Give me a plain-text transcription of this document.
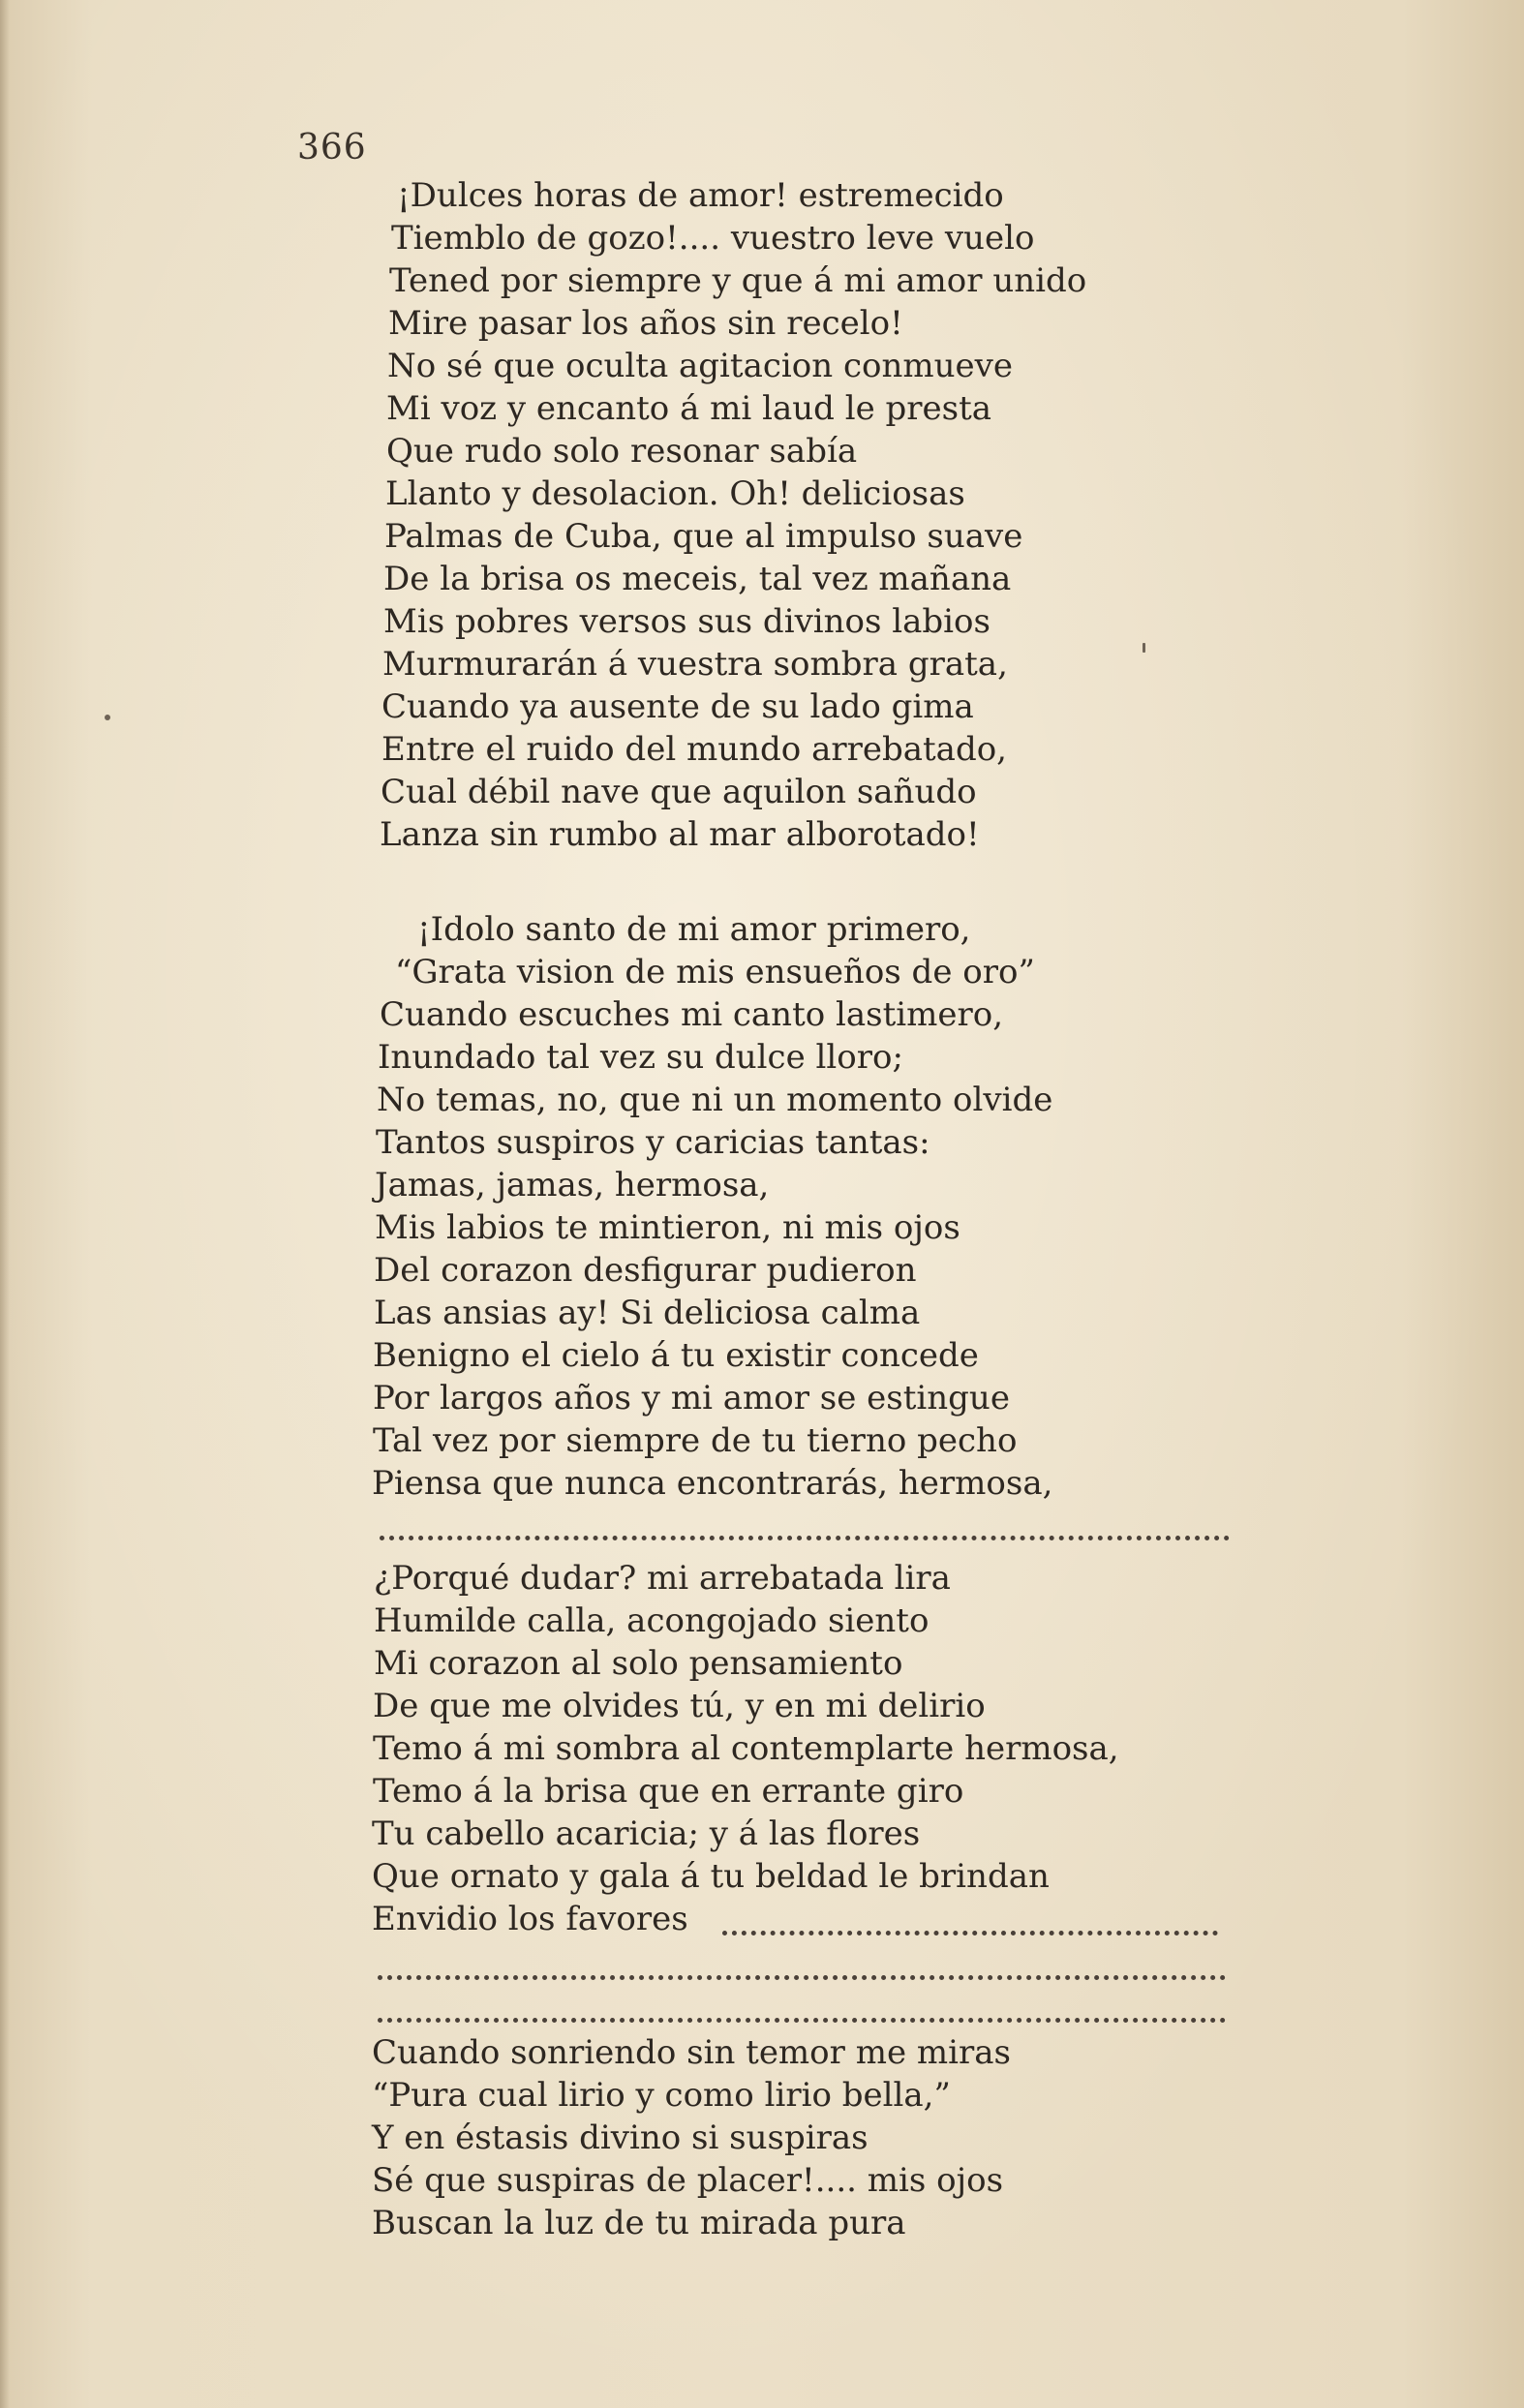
366
¡Dulces horas de amor! estremecido
Tiemblo de gozo!.... vuestro leve vuelo
Tened por siempre y que á mi amor unido
Mire pasar los años sin recelo!
No sé que oculta agitacion conmueve
Mi voz y encanto á mi laud le presta
Que rudo solo resonar sabía
Llanto y desolacion. Oh! deliciosas
Palmas de Cuba, que al impulso suave
De la brisa os meceis, tal vez mañana
Mis pobres versos sus divinos labios
Murmurarán á vuestra sombra grata,
Cuando ya ausente de su lado gima
Entre el ruido del mundo arrebatado,
Cual débil nave que aquilon sañudo
Lanza sin rumbo al mar alborotado!
¡Idolo santo de mi amor primero,
“Grata vision de mis ensueños de oro”
Cuando escuches mi canto lastimero,
Inundado tal vez su dulce lloro;
No temas, no, que ni un momento olvide
Tantos suspiros y caricias tantas:
Jamas, jamas, hermosa,
Mis labios te mintieron, ni mis ojos
Del corazon desfigurar pudieron
Las ansias ay! Si deliciosa calma
Benigno el cielo á tu existir concede
Por largos años y mi amor se estingue
Tal vez por siempre de tu tierno pecho
Piensa que nunca encontrarás, hermosa,
¿Porqué dudar? mi arrebatada lira
Humilde calla, acongojado siento
Mi corazon al solo pensamiento
De que me olvides tú, y en mi delirio
Temo á mi sombra al contemplarte hermosa,
Temo á la brisa que en errante giro
Tu cabello acaricia; y á las flores
Que ornato y gala á tu beldad le brindan
Envidio los favores
Cuando sonriendo sin temor me miras
“Pura cual lirio y como lirio bella,”
Y en éstasis divino si suspiras
Sé que suspiras de placer!.... mis ojos
Buscan la luz de tu mirada pura
